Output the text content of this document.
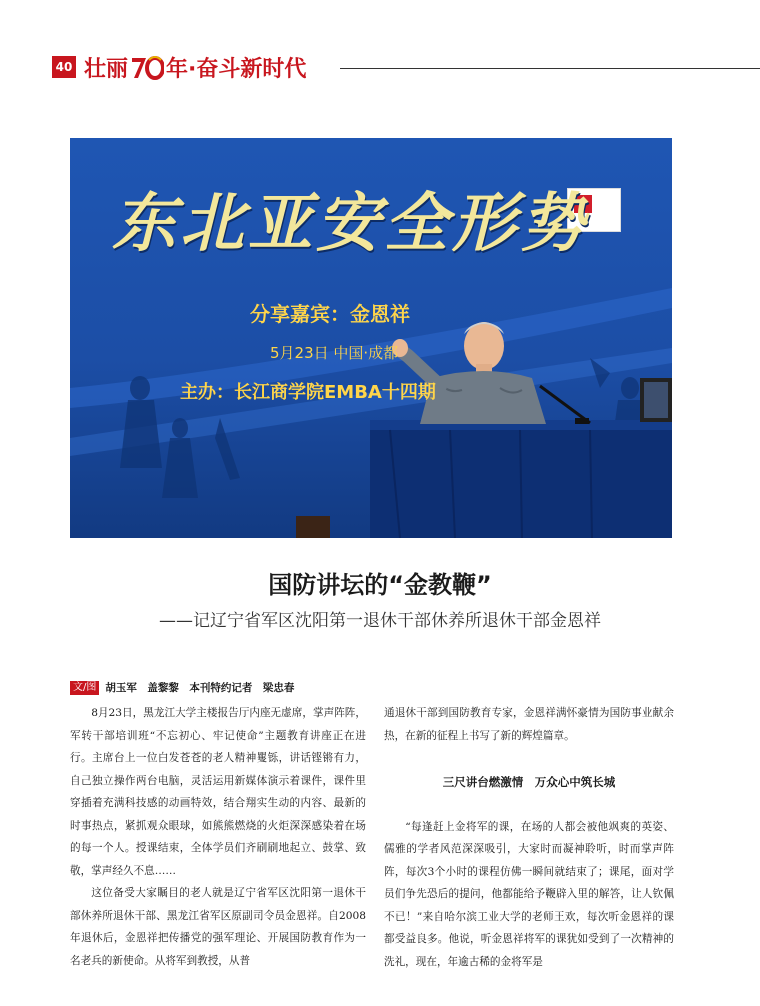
40 壮丽 年·奋斗新时代
东北亚安全形势
分享嘉宾：金恩祥
5月23日 中国·成都
主办：长江商学院EMBA十四期
国防讲坛的“金教鞭”
——记辽宁省军区沈阳第一退休干部休养所退休干部金恩祥
文/图 胡玉军　盖黎黎　本刊特约记者　梁忠春

8月23日，黑龙江大学主楼报告厅内座无虚席，掌声阵阵，军转干部培训班“不忘初心、牢记使命”主题教育讲座正在进行。主席台上一位白发苍苍的老人精神矍铄，讲话铿锵有力，自己独立操作两台电脑，灵活运用新媒体演示着课件，课件里穿插着充满科技感的动画特效，结合翔实生动的内容、最新的时事热点，紧抓观众眼球，如熊熊燃烧的火炬深深感染着在场的每一个人。授课结束，全体学员们齐刷刷地起立、鼓掌、致敬，掌声经久不息……

这位备受大家瞩目的老人就是辽宁省军区沈阳第一退休干部休养所退休干部、黑龙江省军区原副司令员金恩祥。自2008年退休后，金恩祥把传播党的强军理论、开展国防教育作为一名老兵的新使命。从将军到教授，从普

通退休干部到国防教育专家，金恩祥满怀豪情为国防事业献余热，在新的征程上书写了新的辉煌篇章。

三尺讲台燃激情　万众心中筑长城

“每逢赶上金将军的课，在场的人都会被他飒爽的英姿、儒雅的学者风范深深吸引，大家时而凝神聆听，时而掌声阵阵，每次3个小时的课程仿佛一瞬间就结束了；课尾，面对学员们争先恐后的提问，他都能给予鞭辟入里的解答，让人钦佩不已！”来自哈尔滨工业大学的老师王欢，每次听金恩祥的课都受益良多。他说，听金恩祥将军的课犹如受到了一次精神的洗礼，现在，年逾古稀的金将军是
